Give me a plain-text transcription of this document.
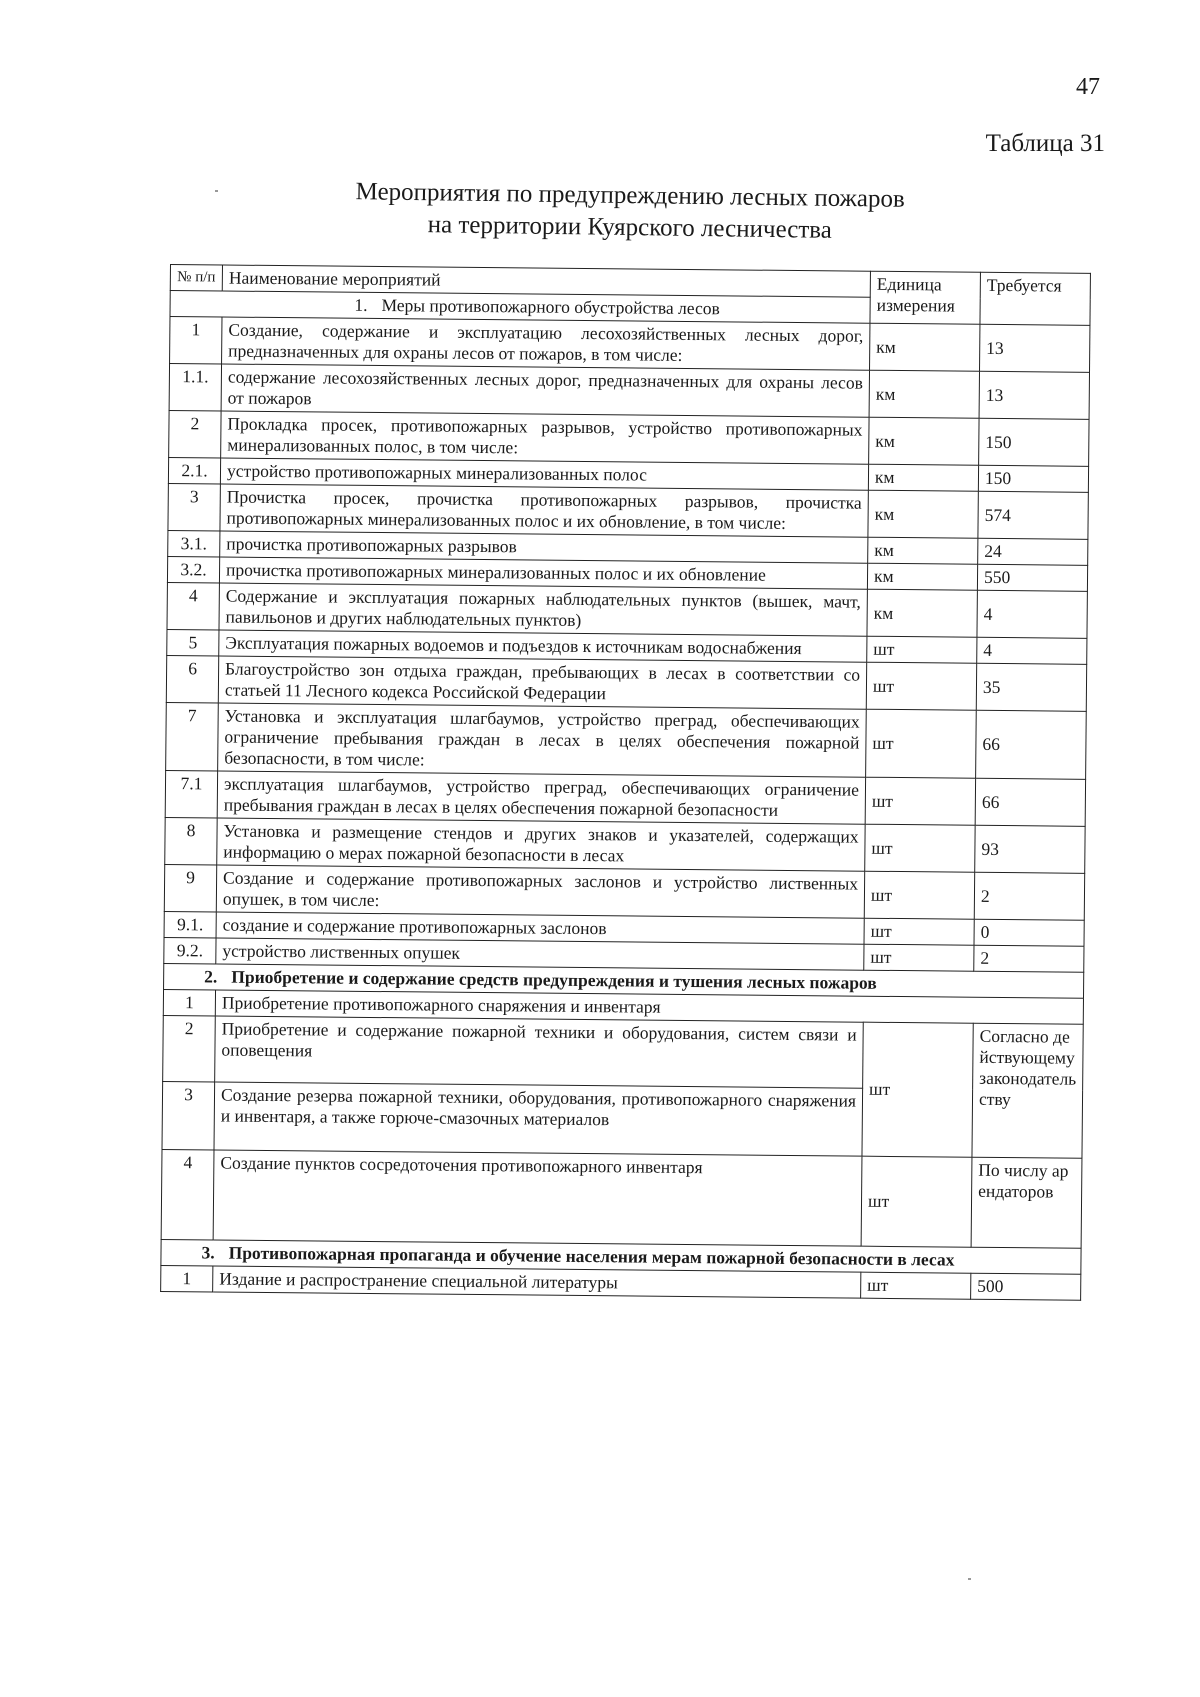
47
Таблица 31
Мероприятия по предупреждению лесных пожаров
на территории Куярского лесничества
№ п/п	Наименование мероприятий	Единица измерения	Требуется
1. Меры противопожарного обустройства лесов			
1	Создание, содержание и эксплуатацию лесохозяйственных лесных дорог, предназначенных для охраны лесов от пожаров, в том числе:	км	13
1.1.	содержание лесохозяйственных лесных дорог, предназначенных для охраны лесов от пожаров	км	13
2	Прокладка просек, противопожарных разрывов, устройство противопожарных минерализованных полос, в том числе:	км	150
2.1.	устройство противопожарных минерализованных полос	км	150
3	Прочистка просек, прочистка противопожарных разрывов, прочистка противопожарных минерализованных полос и их обновление, в том числе:	км	574
3.1.	прочистка противопожарных разрывов	км	24
3.2.	прочистка противопожарных минерализованных полос и их обновление	км	550
4	Содержание и эксплуатация пожарных наблюдательных пунктов (вышек, мачт, павильонов и других наблюдательных пунктов)	км	4
5	Эксплуатация пожарных водоемов и подъездов к источникам водоснабжения	шт	4
6	Благоустройство зон отдыха граждан, пребывающих в лесах в соответствии со статьей 11 Лесного кодекса Российской Федерации	шт	35
7	Установка и эксплуатация шлагбаумов, устройство преград, обеспечивающих ограничение пребывания граждан в лесах в целях обеспечения пожарной безопасности, в том числе:	шт	66
7.1	эксплуатация шлагбаумов, устройство преград, обеспечивающих ограничение пребывания граждан в лесах в целях обеспечения пожарной безопасности	шт	66
8	Установка и размещение стендов и других знаков и указателей, содержащих информацию о мерах пожарной безопасности в лесах	шт	93
9	Создание и содержание противопожарных заслонов и устройство лиственных опушек, в том числе:	шт	2
9.1.	создание и содержание противопожарных заслонов	шт	0
9.2.	устройство лиственных опушек	шт	2
2. Приобретение и содержание средств предупреждения и тушения лесных пожаров			
1	Приобретение противопожарного снаряжения и инвентаря		
2	Приобретение и содержание пожарной техники и оборудования, систем связи и оповещения	шт	Согласно действующему законодательству
3	Создание резерва пожарной техники, оборудования, противопожарного снаряжения и инвентаря, а также горюче-смазочных материалов		
4	Создание пунктов сосредоточения противопожарного инвентаря	шт	По числу арендаторов
3. Противопожарная пропаганда и обучение населения мерам пожарной безопасности в лесах			
1	Издание и распространение специальной литературы	шт	500
